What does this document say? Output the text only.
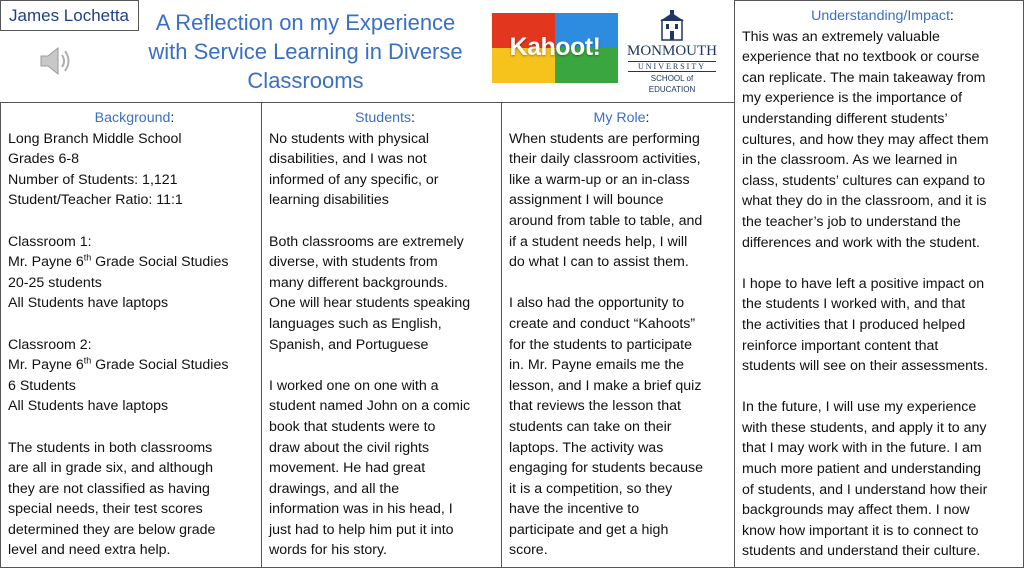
James Lochetta	A Reflection on my Experience
with Service Learning in Diverse
Classrooms
Kahoot!	MONMOUTH
UNIVERSITY
SCHOOL of
EDUCATION
Background:
Long Branch Middle School
Grades 6-8
Number of Students: 1,121
Student/Teacher Ratio: 11:1
Classroom 1:
Mr. Payne 6th Grade Social Studies
20-25 students
All Students have laptops
Classroom 2:
Mr. Payne 6th Grade Social Studies
6 Students
All Students have laptops
The students in both classrooms
are all in grade six, and although
they are not classified as having
special needs, their test scores
determined they are below grade
level and need extra help.
Students:
No students with physical
disabilities, and I was not
informed of any specific, or
learning disabilities
Both classrooms are extremely
diverse, with students from
many different backgrounds.
One will hear students speaking
languages such as English,
Spanish, and Portuguese
I worked one on one with a
student named John on a comic
book that students were to
draw about the civil rights
movement. He had great
drawings, and all the
information was in his head, I
just had to help him put it into
words for his story.
My Role:
When students are performing
their daily classroom activities,
like a warm-up or an in-class
assignment I will bounce
around from table to table, and
if a student needs help, I will
do what I can to assist them.
I also had the opportunity to
create and conduct “Kahoots”
for the students to participate
in. Mr. Payne emails me the
lesson, and I make a brief quiz
that reviews the lesson that
students can take on their
laptops. The activity was
engaging for students because
it is a competition, so they
have the incentive to
participate and get a high
score.
Understanding/Impact:
This was an extremely valuable
experience that no textbook or course
can replicate. The main takeaway from
my experience is the importance of
understanding different students’
cultures, and how they may affect them
in the classroom. As we learned in
class, students’ cultures can expand to
what they do in the classroom, and it is
the teacher’s job to understand the
differences and work with the student.
I hope to have left a positive impact on
the students I worked with, and that
the activities that I produced helped
reinforce important content that
students will see on their assessments.
In the future, I will use my experience
with these students, and apply it to any
that I may work with in the future. I am
much more patient and understanding
of students, and I understand how their
backgrounds may affect them. I now
know how important it is to connect to
students and understand their culture.
